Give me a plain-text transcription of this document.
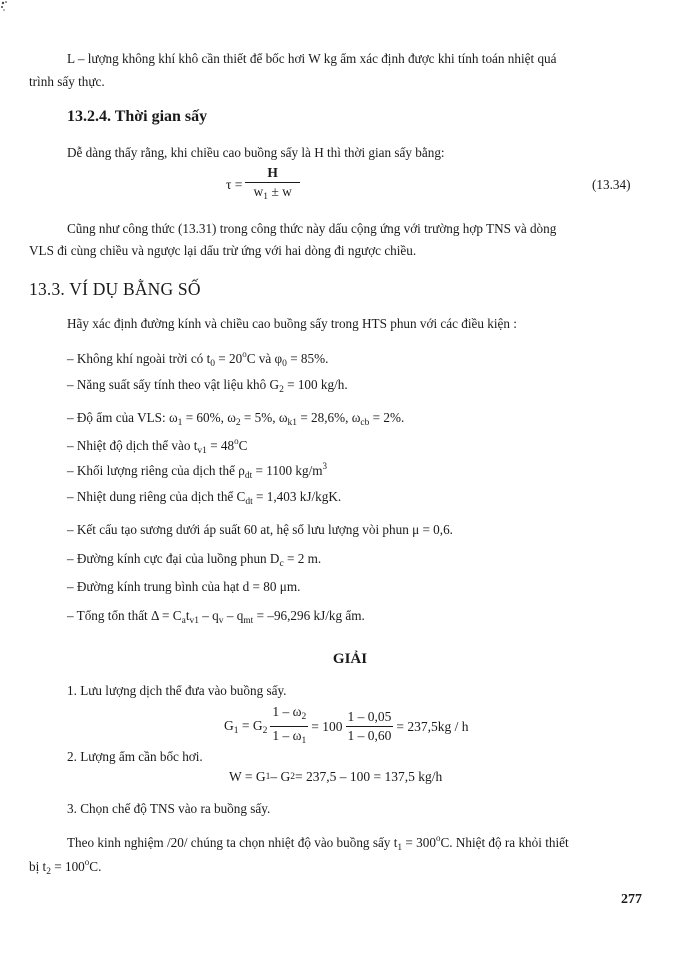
L – lượng không khí khô cần thiết để bốc hơi W kg ẩm xác định được khi tính toán nhiệt quá
trình sấy thực.
13.2.4. Thời gian sấy
Dễ dàng thấy rằng, khi chiều cao buồng sấy là H thì thời gian sấy bằng:
$\tau = \frac{H}{w_1 \pm w}$	(13.34)
Cũng như công thức (13.31) trong công thức này dấu cộng ứng với trường hợp TNS và dòng
VLS đi cùng chiều và ngược lại dấu trừ ứng với hai dòng đi ngược chiều.
13.3. VÍ DỤ BẰNG SỐ
Hãy xác định đường kính và chiều cao buồng sấy trong HTS phun với các điều kiện :
– Không khí ngoài trời có $t_0 = 20^oC$ và $\varphi_0 = 85\%$.
– Năng suất sấy tính theo vật liệu khô $G_2 = 100$ kg/h.
– Độ ẩm của VLS: $\omega_1 = 60\%$, $\omega_2 = 5\%$, $\omega_{k1} = 28,6\%$, $\omega_{cb} = 2\%$.
– Nhiệt độ dịch thể vào $t_{v1} = 48^oC$
– Khối lượng riêng của dịch thể $\rho_{dt} = 1100$ $kg/m^3$
– Nhiệt dung riêng của dịch thể $C_{dt} = 1,403$ kJ/kgK.
– Kết cấu tạo sương dưới áp suất 60 at, hệ số lưu lượng vòi phun μ = 0,6.
– Đường kính cực đại của luồng phun $D_c = 2$ m.
– Đường kính trung bình của hạt d = 80 μm.
– Tổng tổn thất $\Delta = C_at_{v1} - q_v - q_{mt} = -96,296$ kJ/kg ẩm.
GIẢI
1. Lưu lượng dịch thể đưa vào buồng sấy.
$G_1 = G_2 \frac{1 - \omega_2}{1 - \omega_1} = 100 \frac{1 - 0,05}{1 - 0,60} = 237,5kg / h$
2. Lượng ẩm cần bốc hơi.
W = G 1 – G 2 = 237,5 – 100 = 137,5 kg/h
3. Chọn chế độ TNS vào ra buồng sấy.
Theo kinh nghiệm /20/ chúng ta chọn nhiệt độ vào buồng sấy $t_1 = 300^oC$. Nhiệt độ ra khỏi thiết
bị $t_2 = 100^oC$.
277
